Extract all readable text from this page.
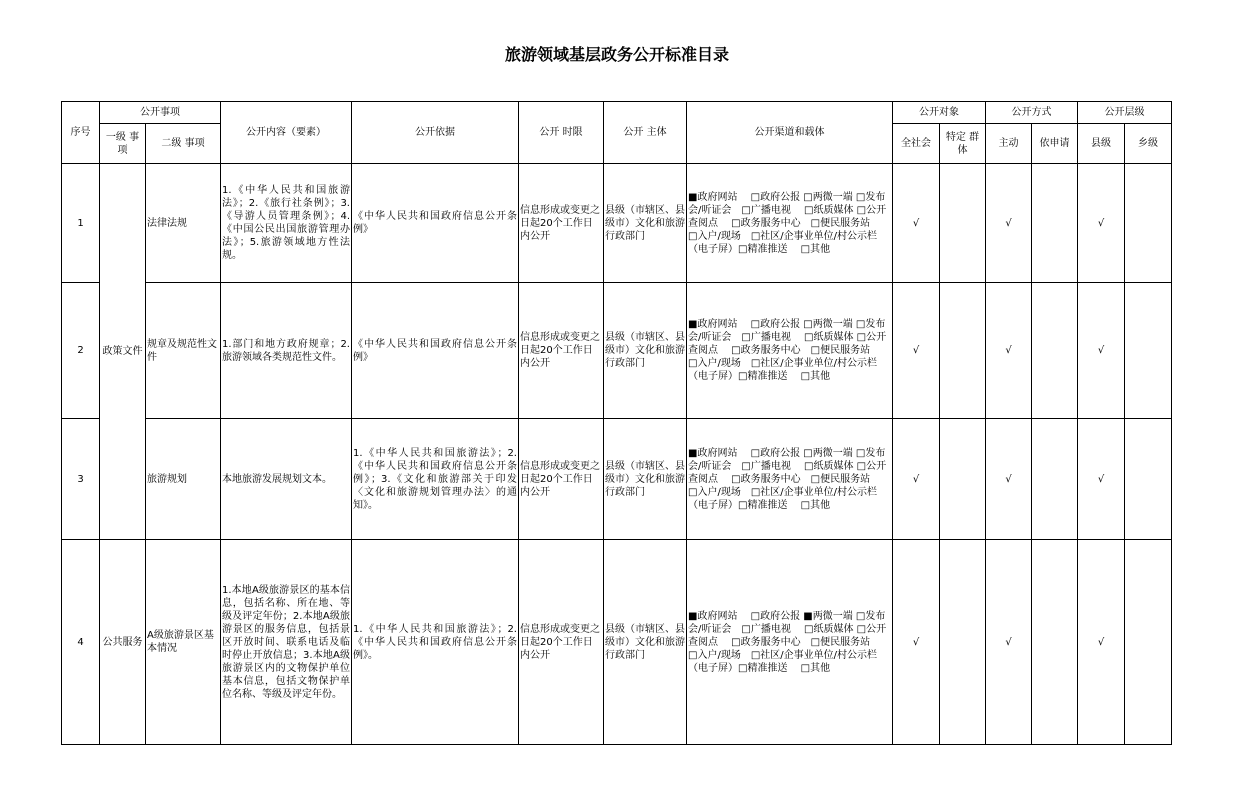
旅游领域基层政务公开标准目录
序号	公开事项		公开内容（要素）	公开依据	公开 时限	公开 主体	公开渠道和载体	公开对象		公开方式		公开层级	
	一级 事项	二级 事项						全社会	特定 群体	主动	依申请	县级	乡级
1	政策文件	法律法规	1.《中华人民共和国旅游法》；2.《旅行社条例》；3.《导游人员管理条例》；4.《中国公民出国旅游管理办法》；5.旅游领域地方性法规。	《中华人民共和国政府信息公开条例》	信息形成或变更之日起20个工作日内公开	县级（市辖区、县级市）文化和旅游行政部门	■政府网站　 □政府公报 □两微一端 □发布会/听证会　□广播电视　 □纸质媒体 □公开查阅点　 □政务服务中心　□便民服务站　 □入户/现场　□社区/企事业单位/村公示栏（电子屏）□精准推送　 □其他	√		√		√	
2		规章及规范性文件	1.部门和地方政府规章；2.旅游领域各类规范性文件。	《中华人民共和国政府信息公开条例》	信息形成或变更之日起20个工作日内公开	县级（市辖区、县级市）文化和旅游行政部门	■政府网站　 □政府公报 □两微一端 □发布会/听证会　□广播电视　 □纸质媒体 □公开查阅点　 □政务服务中心　□便民服务站　 □入户/现场　□社区/企事业单位/村公示栏（电子屏）□精准推送　 □其他	√		√		√	
3		旅游规划	本地旅游发展规划文本。	1.《中华人民共和国旅游法》；2.《中华人民共和国政府信息公开条例》；3.《文化和旅游部关于印发〈文化和旅游规划管理办法〉的通知》。	信息形成或变更之日起20个工作日内公开	县级（市辖区、县级市）文化和旅游行政部门	■政府网站　 □政府公报 □两微一端 □发布会/听证会　□广播电视　 □纸质媒体 □公开查阅点　 □政务服务中心　□便民服务站　 □入户/现场　□社区/企事业单位/村公示栏（电子屏）□精准推送　 □其他	√		√		√	
4	公共服务	A级旅游景区基本情况	1.本地A级旅游景区的基本信息，包括名称、所在地、等级及评定年份；2.本地A级旅游景区的服务信息，包括景区开放时间、联系电话及临时停止开放信息；3.本地A级旅游景区内的文物保护单位基本信息，包括文物保护单位名称、等级及评定年份。	1.《中华人民共和国旅游法》；2.《中华人民共和国政府信息公开条例》。	信息形成或变更之日起20个工作日内公开	县级（市辖区、县级市）文化和旅游行政部门	■政府网站　 □政府公报 ■两微一端 □发布会/听证会　□广播电视　 □纸质媒体 □公开查阅点　 □政务服务中心　□便民服务站　 □入户/现场　□社区/企事业单位/村公示栏（电子屏）□精准推送　 □其他	√		√		√	
